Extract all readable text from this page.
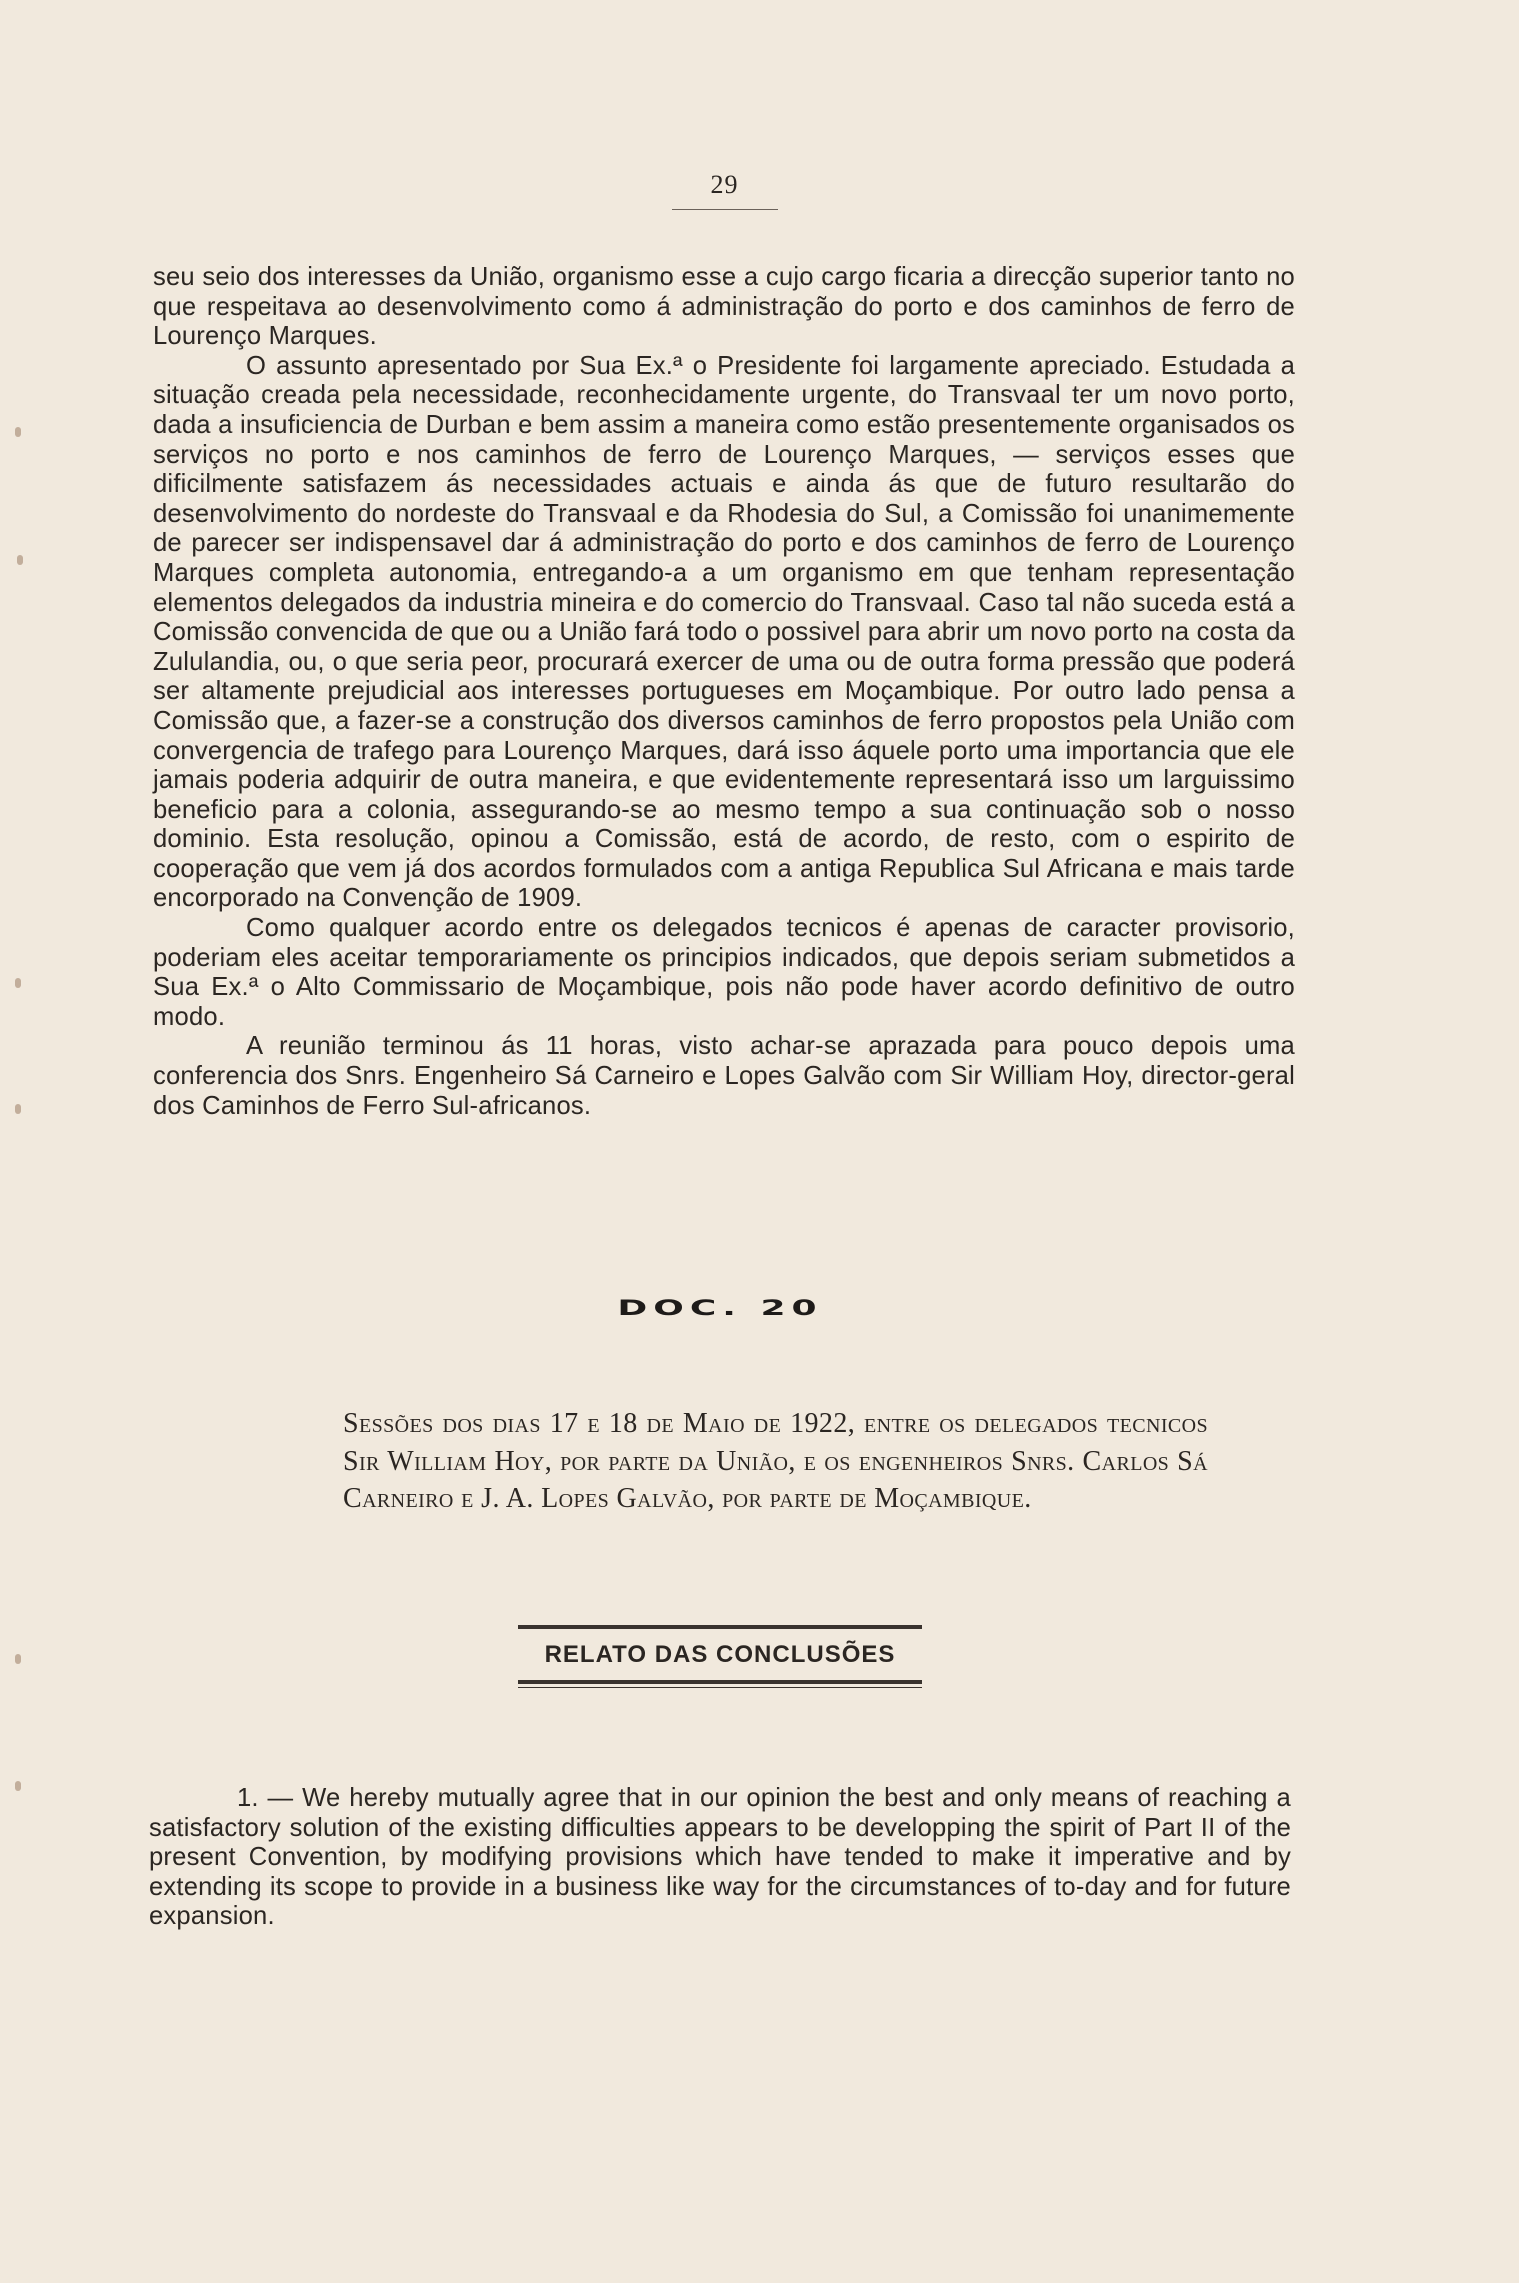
29

seu seio dos interesses da União, organismo esse a cujo cargo ficaria a direcção superior tanto no que respeitava ao desenvolvimento como á administração do porto e dos caminhos de ferro de Lourenço Marques.

O assunto apresentado por Sua Ex.ª o Presidente foi largamente apreciado. Estudada a situação creada pela necessidade, reconhecidamente urgente, do Transvaal ter um novo porto, dada a insuficiencia de Durban e bem assim a maneira como estão presentemente organisados os serviços no porto e nos caminhos de ferro de Lourenço Marques, — serviços esses que dificilmente satisfazem ás necessidades actuais e ainda ás que de futuro resultarão do desenvolvimento do nordeste do Transvaal e da Rhodesia do Sul, a Comissão foi unanimemente de parecer ser indispensavel dar á administração do porto e dos caminhos de ferro de Lourenço Marques completa autonomia, entregando-a a um organismo em que tenham representação elementos delegados da industria mineira e do comercio do Transvaal. Caso tal não suceda está a Comissão convencida de que ou a União fará todo o possivel para abrir um novo porto na costa da Zululandia, ou, o que seria peor, procurará exercer de uma ou de outra forma pressão que poderá ser altamente prejudicial aos interesses portugueses em Moçambique. Por outro lado pensa a Comissão que, a fazer-se a construção dos diversos caminhos de ferro propostos pela União com convergencia de trafego para Lourenço Marques, dará isso áquele porto uma importancia que ele jamais poderia adquirir de outra maneira, e que evidentemente representará isso um larguissimo beneficio para a colonia, assegurando-se ao mesmo tempo a sua continuação sob o nosso dominio. Esta resolução, opinou a Comissão, está de acordo, de resto, com o espirito de cooperação que vem já dos acordos formulados com a antiga Republica Sul Africana e mais tarde encorporado na Convenção de 1909.

Como qualquer acordo entre os delegados tecnicos é apenas de caracter provisorio, poderiam eles aceitar temporariamente os principios indicados, que depois seriam submetidos a Sua Ex.ª o Alto Commissario de Moçambique, pois não pode haver acordo definitivo de outro modo.

A reunião terminou ás 11 horas, visto achar-se aprazada para pouco depois uma conferencia dos Snrs. Engenheiro Sá Carneiro e Lopes Galvão com Sir William Hoy, director-geral dos Caminhos de Ferro Sul-africanos.

DOC. 20
Sessões dos dias 17 e 18 de Maio de 1922, entre os delegados tecnicos Sir William Hoy, por parte da União, e os engenheiros Snrs. Carlos Sá Carneiro e J. A. Lopes Galvão, por parte de Moçambique.
RELATO DAS CONCLUSÕES

1. — We hereby mutually agree that in our opinion the best and only means of reaching a satisfactory solution of the existing difficulties appears to be developping the spirit of Part II of the present Convention, by modifying provisions which have tended to make it imperative and by extending its scope to provide in a business like way for the circumstances of to-day and for future expansion.
